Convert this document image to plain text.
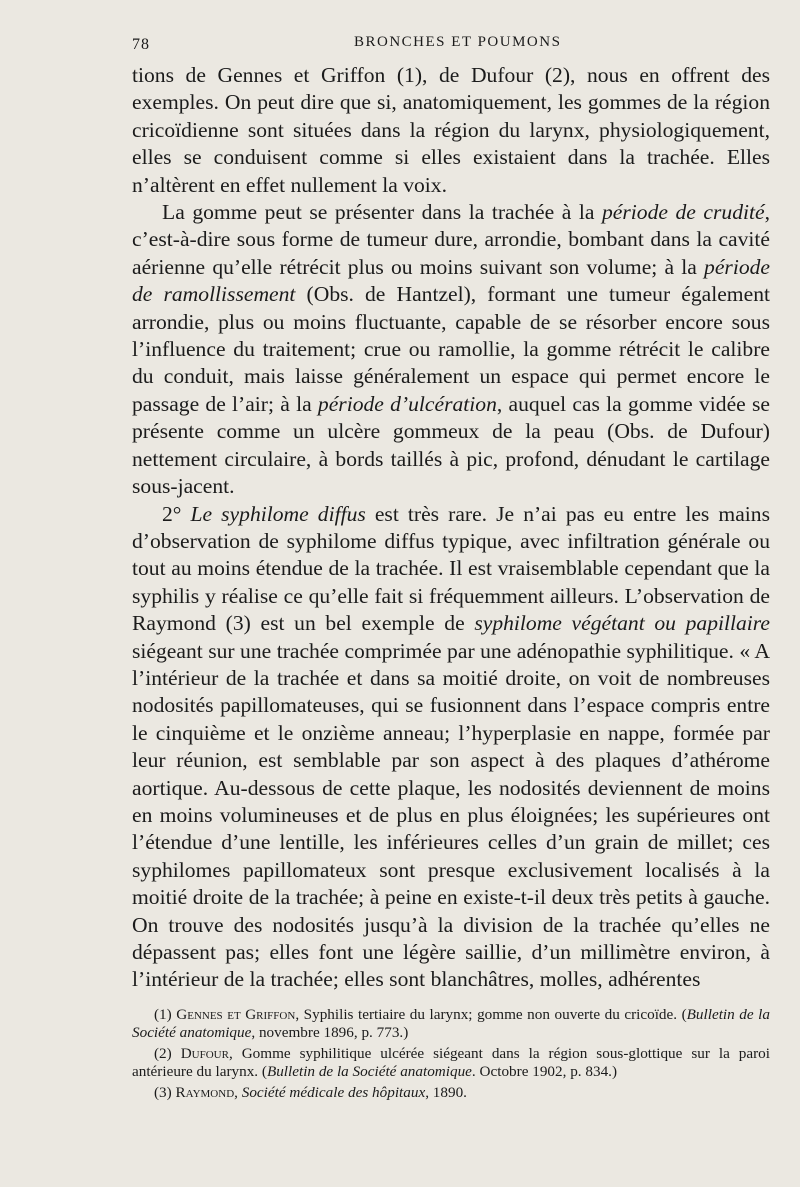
78	BRONCHES ET POUMONS

tions de Gennes et Griffon (1), de Dufour (2), nous en offrent des exemples. On peut dire que si, anatomiquement, les gommes de la région cricoïdienne sont situées dans la région du larynx, physiologiquement, elles se conduisent comme si elles existaient dans la trachée. Elles n’altèrent en effet nullement la voix.

La gomme peut se présenter dans la trachée à la période de crudité, c’est-à-dire sous forme de tumeur dure, arrondie, bombant dans la cavité aérienne qu’elle rétrécit plus ou moins suivant son volume; à la période de ramollissement (Obs. de Hantzel), formant une tumeur également arrondie, plus ou moins fluctuante, capable de se résorber encore sous l’influence du traitement; crue ou ramollie, la gomme rétrécit le calibre du conduit, mais laisse généralement un espace qui permet encore le passage de l’air; à la période d’ulcération, auquel cas la gomme vidée se présente comme un ulcère gommeux de la peau (Obs. de Dufour) nettement circulaire, à bords taillés à pic, profond, dénudant le cartilage sous-jacent.

2° Le syphilome diffus est très rare. Je n’ai pas eu entre les mains d’observation de syphilome diffus typique, avec infiltration générale ou tout au moins étendue de la trachée. Il est vraisemblable cependant que la syphilis y réalise ce qu’elle fait si fréquemment ailleurs. L’observation de Raymond (3) est un bel exemple de syphilome végétant ou papillaire siégeant sur une trachée comprimée par une adénopathie syphilitique. « A l’intérieur de la trachée et dans sa moitié droite, on voit de nombreuses nodosités papillomateuses, qui se fusionnent dans l’espace compris entre le cinquième et le onzième anneau; l’hyperplasie en nappe, formée par leur réunion, est semblable par son aspect à des plaques d’athérome aortique. Au-dessous de cette plaque, les nodosités deviennent de moins en moins volumineuses et de plus en plus éloignées; les supérieures ont l’étendue d’une lentille, les inférieures celles d’un grain de millet; ces syphilomes papillomateux sont presque exclusivement localisés à la moitié droite de la trachée; à peine en existe-t-il deux très petits à gauche. On trouve des nodosités jusqu’à la division de la trachée qu’elles ne dépassent pas; elles font une légère saillie, d’un millimètre environ, à l’intérieur de la trachée; elles sont blanchâtres, molles, adhérentes

(1) Gennes et Griffon, Syphilis tertiaire du larynx; gomme non ouverte du cricoïde. (Bulletin de la Société anatomique, novembre 1896, p. 773.)

(2) Dufour, Gomme syphilitique ulcérée siégeant dans la région sous-glottique sur la paroi antérieure du larynx. (Bulletin de la Société anatomique. Octobre 1902, p. 834.)

(3) Raymond, Société médicale des hôpitaux, 1890.
